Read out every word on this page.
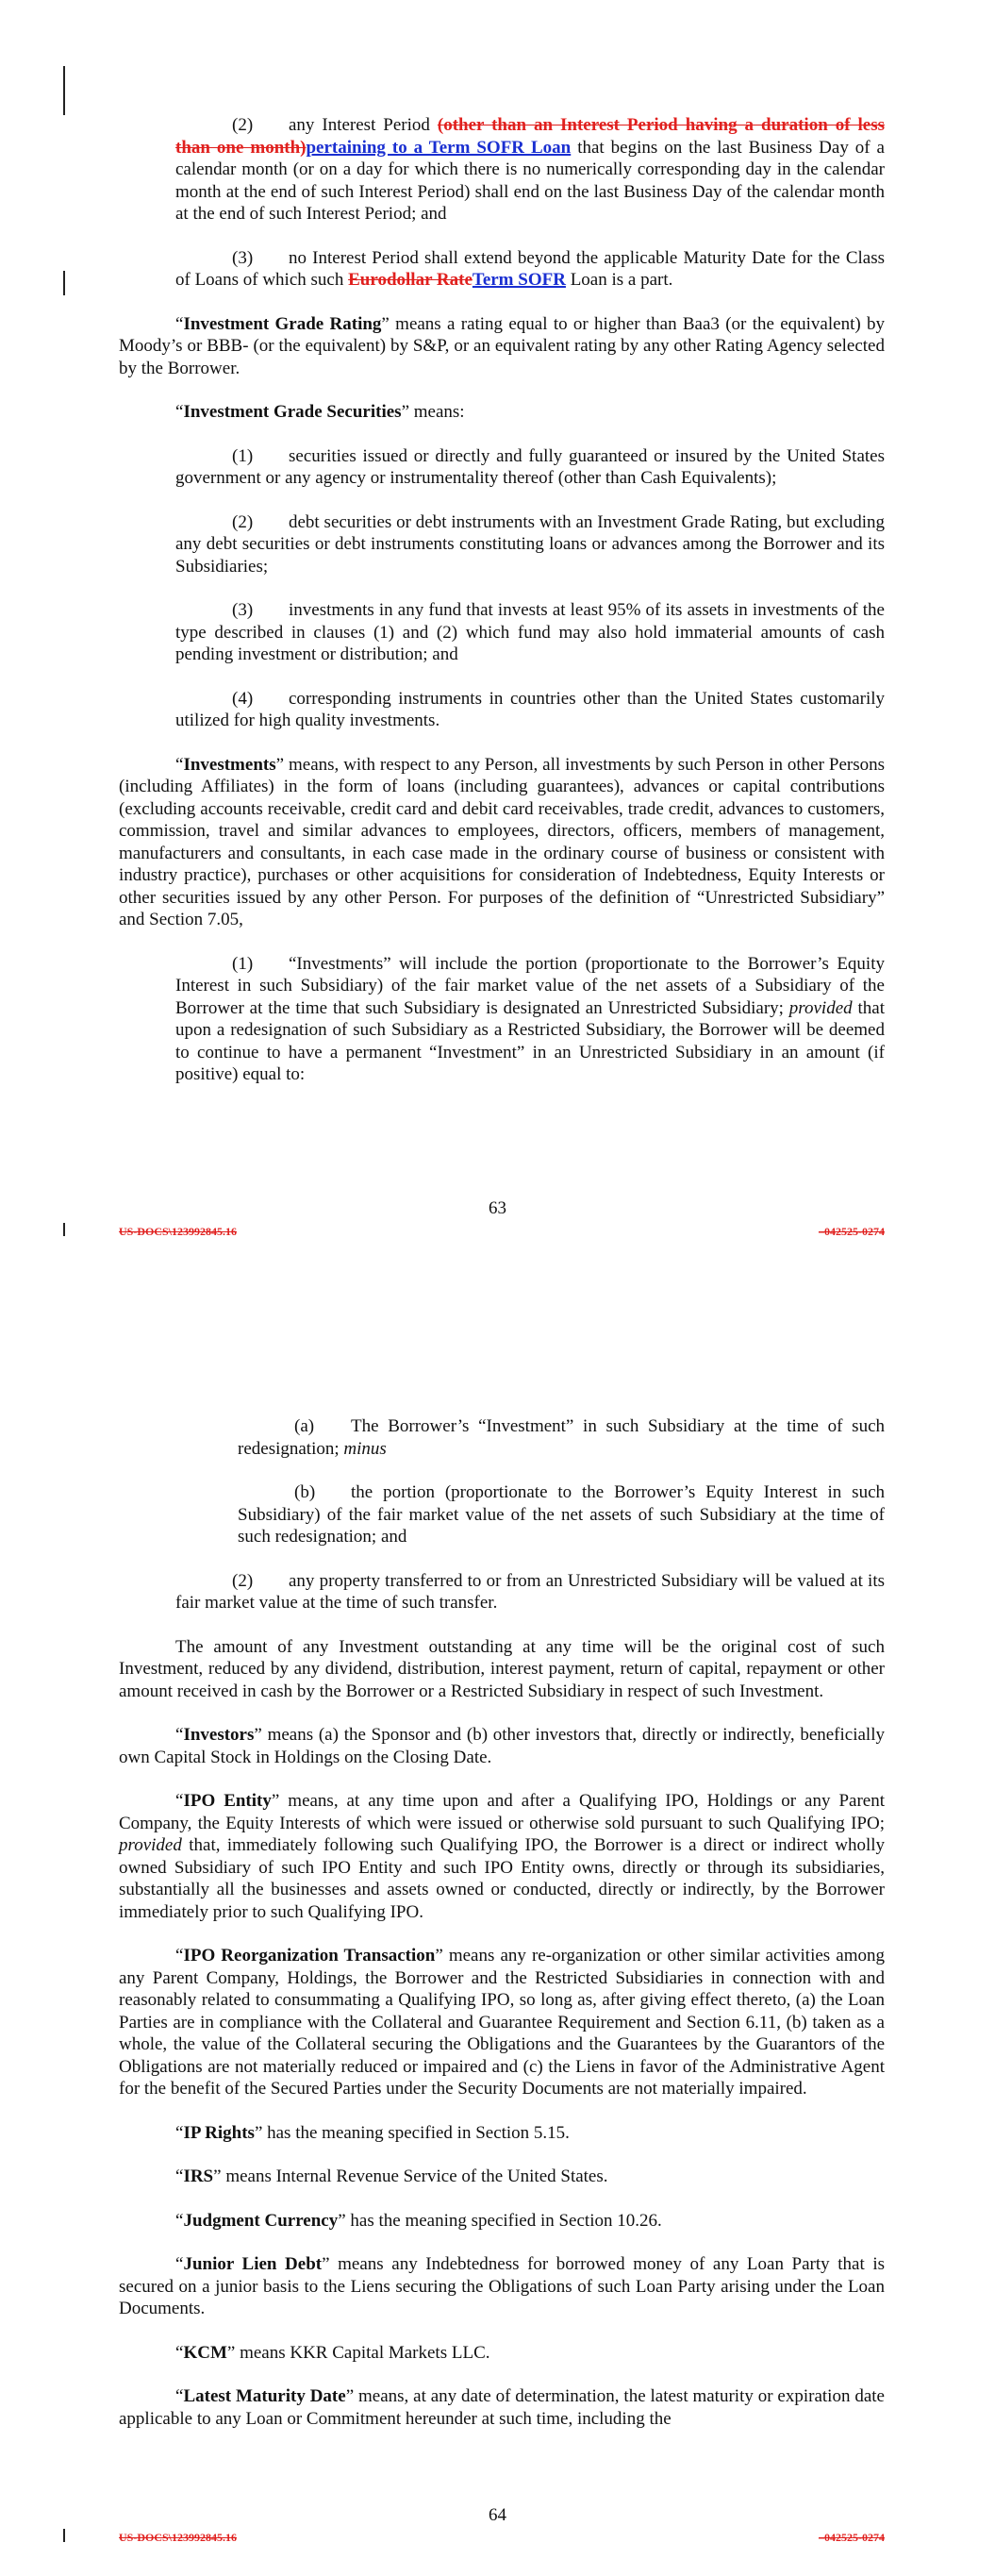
(2) any Interest Period (other than an Interest Period having a duration of less than one month)pertaining to a Term SOFR Loan that begins on the last Business Day of a calendar month (or on a day for which there is no numerically corresponding day in the calendar month at the end of such Interest Period) shall end on the last Business Day of the calendar month at the end of such Interest Period; and

(3) no Interest Period shall extend beyond the applicable Maturity Date for the Class of Loans of which such Eurodollar RateTerm SOFR Loan is a part.

“Investment Grade Rating” means a rating equal to or higher than Baa3 (or the equivalent) by Moody’s or BBB- (or the equivalent) by S&P, or an equivalent rating by any other Rating Agency selected by the Borrower.

“Investment Grade Securities” means:

(1) securities issued or directly and fully guaranteed or insured by the United States government or any agency or instrumentality thereof (other than Cash Equivalents);

(2) debt securities or debt instruments with an Investment Grade Rating, but excluding any debt securities or debt instruments constituting loans or advances among the Borrower and its Subsidiaries;

(3) investments in any fund that invests at least 95% of its assets in investments of the type described in clauses (1) and (2) which fund may also hold immaterial amounts of cash pending investment or distribution; and

(4) corresponding instruments in countries other than the United States customarily utilized for high quality investments.

“Investments” means, with respect to any Person, all investments by such Person in other Persons (including Affiliates) in the form of loans (including guarantees), advances or capital contributions (excluding accounts receivable, credit card and debit card receivables, trade credit, advances to customers, commission, travel and similar advances to employees, directors, officers, members of management, manufacturers and consultants, in each case made in the ordinary course of business or consistent with industry practice), purchases or other acquisitions for consideration of Indebtedness, Equity Interests or other securities issued by any other Person. For purposes of the definition of “Unrestricted Subsidiary” and Section 7.05,

(1) “Investments” will include the portion (proportionate to the Borrower’s Equity Interest in such Subsidiary) of the fair market value of the net assets of a Subsidiary of the Borrower at the time that such Subsidiary is designated an Unrestricted Subsidiary; provided that upon a redesignation of such Subsidiary as a Restricted Subsidiary, the Borrower will be deemed to continue to have a permanent “Investment” in an Unrestricted Subsidiary in an amount (if positive) equal to:

63
US-DOCS\123992845.16	–042525-0274

(a) The Borrower’s “Investment” in such Subsidiary at the time of such redesignation; minus

(b) the portion (proportionate to the Borrower’s Equity Interest in such Subsidiary) of the fair market value of the net assets of such Subsidiary at the time of such redesignation; and

(2) any property transferred to or from an Unrestricted Subsidiary will be valued at its fair market value at the time of such transfer.

The amount of any Investment outstanding at any time will be the original cost of such Investment, reduced by any dividend, distribution, interest payment, return of capital, repayment or other amount received in cash by the Borrower or a Restricted Subsidiary in respect of such Investment.

“Investors” means (a) the Sponsor and (b) other investors that, directly or indirectly, beneficially own Capital Stock in Holdings on the Closing Date.

“IPO Entity” means, at any time upon and after a Qualifying IPO, Holdings or any Parent Company, the Equity Interests of which were issued or otherwise sold pursuant to such Qualifying IPO; provided that, immediately following such Qualifying IPO, the Borrower is a direct or indirect wholly owned Subsidiary of such IPO Entity and such IPO Entity owns, directly or through its subsidiaries, substantially all the businesses and assets owned or conducted, directly or indirectly, by the Borrower immediately prior to such Qualifying IPO.

“IPO Reorganization Transaction” means any re-organization or other similar activities among any Parent Company, Holdings, the Borrower and the Restricted Subsidiaries in connection with and reasonably related to consummating a Qualifying IPO, so long as, after giving effect thereto, (a) the Loan Parties are in compliance with the Collateral and Guarantee Requirement and Section 6.11, (b) taken as a whole, the value of the Collateral securing the Obligations and the Guarantees by the Guarantors of the Obligations are not materially reduced or impaired and (c) the Liens in favor of the Administrative Agent for the benefit of the Secured Parties under the Security Documents are not materially impaired.

“IP Rights” has the meaning specified in Section 5.15.

“IRS” means Internal Revenue Service of the United States.

“Judgment Currency” has the meaning specified in Section 10.26.

“Junior Lien Debt” means any Indebtedness for borrowed money of any Loan Party that is secured on a junior basis to the Liens securing the Obligations of such Loan Party arising under the Loan Documents.

“KCM” means KKR Capital Markets LLC.

“Latest Maturity Date” means, at any date of determination, the latest maturity or expiration date applicable to any Loan or Commitment hereunder at such time, including the

64
US-DOCS\123992845.16	–042525-0274
